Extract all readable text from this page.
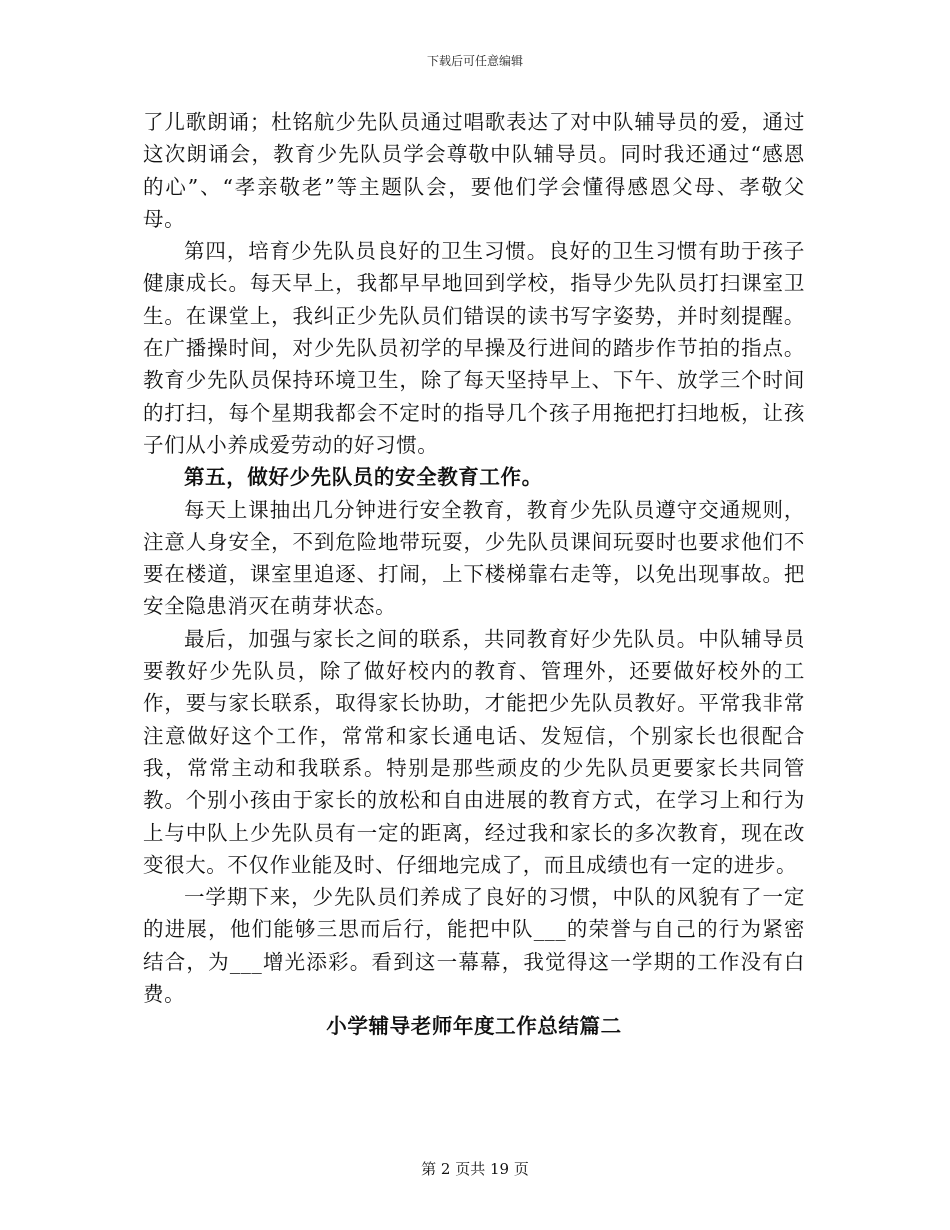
下载后可任意编辑

了儿歌朗诵；杜铭航少先队员通过唱歌表达了对中队辅导员的爱，通过这次朗诵会，教育少先队员学会尊敬中队辅导员。同时我还通过“感恩的心”、“孝亲敬老”等主题队会，要他们学会懂得感恩父母、孝敬父母。

第四，培育少先队员良好的卫生习惯。良好的卫生习惯有助于孩子健康成长。每天早上，我都早早地回到学校，指导少先队员打扫课室卫生。在课堂上，我纠正少先队员们错误的读书写字姿势，并时刻提醒。在广播操时间，对少先队员初学的早操及行进间的踏步作节拍的指点。教育少先队员保持环境卫生，除了每天坚持早上、下午、放学三个时间的打扫，每个星期我都会不定时的指导几个孩子用拖把打扫地板，让孩子们从小养成爱劳动的好习惯。

第五，做好少先队员的安全教育工作。

每天上课抽出几分钟进行安全教育，教育少先队员遵守交通规则，注意人身安全，不到危险地带玩耍，少先队员课间玩耍时也要求他们不要在楼道，课室里追逐、打闹，上下楼梯靠右走等，以免出现事故。把安全隐患消灭在萌芽状态。

最后，加强与家长之间的联系，共同教育好少先队员。中队辅导员要教好少先队员，除了做好校内的教育、管理外，还要做好校外的工作，要与家长联系，取得家长协助，才能把少先队员教好。平常我非常注意做好这个工作，常常和家长通电话、发短信，个别家长也很配合我，常常主动和我联系。特别是那些顽皮的少先队员更要家长共同管教。个别小孩由于家长的放松和自由进展的教育方式，在学习上和行为上与中队上少先队员有一定的距离，经过我和家长的多次教育，现在改变很大。不仅作业能及时、仔细地完成了，而且成绩也有一定的进步。

一学期下来，少先队员们养成了良好的习惯，中队的风貌有了一定的进展，他们能够三思而后行，能把中队___的荣誉与自己的行为紧密结合，为___增光添彩。看到这一幕幕，我觉得这一学期的工作没有白费。

小学辅导老师年度工作总结篇二

第 2 页共 19 页
